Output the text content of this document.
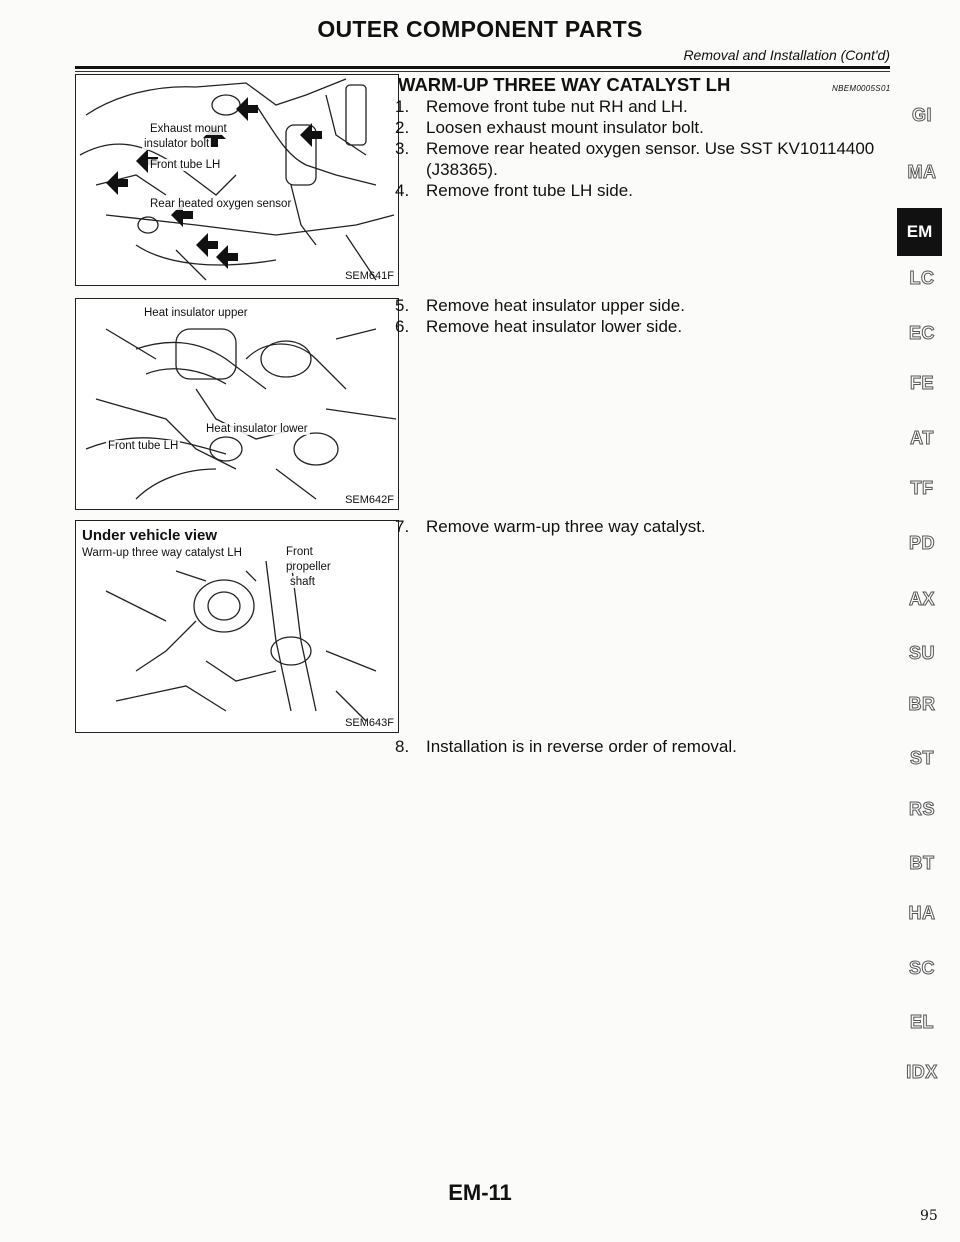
OUTER COMPONENT PARTS
Removal and Installation (Cont'd)
Exhaust mount
insulator bolt
Front tube LH
Rear heated oxygen sensor
SEM641F
Heat insulator upper
Heat insulator lower
Front tube LH
SEM642F
Under vehicle view
Warm-up three way catalyst LH	Front
propeller
shaft
SEM643F
WARM-UP THREE WAY CATALYST LH	NBEM0005S01
1. Remove front tube nut RH and LH.
2. Loosen exhaust mount insulator bolt.
3. Remove rear heated oxygen sensor. Use SST KV10114400 (J38365).
4. Remove front tube LH side.
5. Remove heat insulator upper side.
6. Remove heat insulator lower side.
7. Remove warm-up three way catalyst.
8. Installation is in reverse order of removal.
GI
MA
EM
LC
EC
FE
AT
TF
PD
AX
SU
BR
ST
RS
BT
HA
SC
EL
IDX
EM-11
95
